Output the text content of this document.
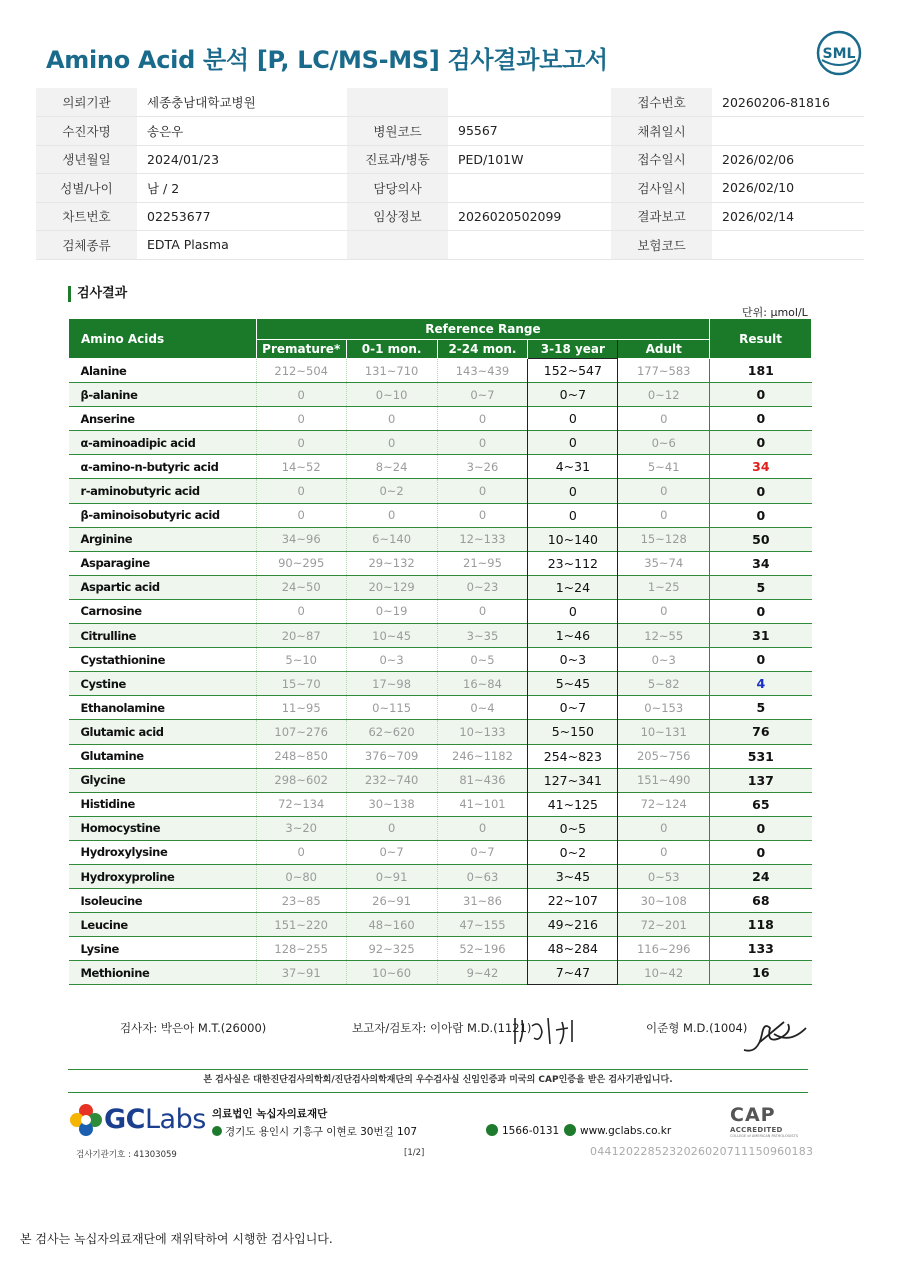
Amino Acid 분석 [P, LC/MS-MS] 검사결과보고서	SML
의뢰기관	세종충남대학교병원			접수번호	20260206-81816
수진자명	송은우	병원코드	95567	채취일시	
생년월일	2024/01/23	진료과/병동	PED/101W	접수일시	2026/02/06
성별/나이	남 / 2	담당의사		검사일시	2026/02/10
차트번호	02253677	임상정보	2026020502099	결과보고	2026/02/14
검체종류	EDTA Plasma			보험코드	
검사결과
단위: μmol/L
Amino Acids	Reference Range					Result
	Premature*	0-1 mon.	2-24 mon.	3-18 year	Adult	
Alanine	212~504	131~710	143~439	152~547	177~583	181
β-alanine	0	0~10	0~7	0~7	0~12	0
Anserine	0	0	0	0	0	0
α-aminoadipic acid	0	0	0	0	0~6	0
α-amino-n-butyric acid	14~52	8~24	3~26	4~31	5~41	34
r-aminobutyric acid	0	0~2	0	0	0	0
β-aminoisobutyric acid	0	0	0	0	0	0
Arginine	34~96	6~140	12~133	10~140	15~128	50
Asparagine	90~295	29~132	21~95	23~112	35~74	34
Aspartic acid	24~50	20~129	0~23	1~24	1~25	5
Carnosine	0	0~19	0	0	0	0
Citrulline	20~87	10~45	3~35	1~46	12~55	31
Cystathionine	5~10	0~3	0~5	0~3	0~3	0
Cystine	15~70	17~98	16~84	5~45	5~82	4
Ethanolamine	11~95	0~115	0~4	0~7	0~153	5
Glutamic acid	107~276	62~620	10~133	5~150	10~131	76
Glutamine	248~850	376~709	246~1182	254~823	205~756	531
Glycine	298~602	232~740	81~436	127~341	151~490	137
Histidine	72~134	30~138	41~101	41~125	72~124	65
Homocystine	3~20	0	0	0~5	0	0
Hydroxylysine	0	0~7	0~7	0~2	0	0
Hydroxyproline	0~80	0~91	0~63	3~45	0~53	24
Isoleucine	23~85	26~91	31~86	22~107	30~108	68
Leucine	151~220	48~160	47~155	49~216	72~201	118
Lysine	128~255	92~325	52~196	48~284	116~296	133
Methionine	37~91	10~60	9~42	7~47	10~42	16
검사자: 박은아 M.T.(26000)	보고자/검토자: 이아람 M.D.(1121)	이준형 M.D.(1004)
본 검사실은 대한진단검사의학회/진단검사의학재단의 우수검사실 신임인증과 미국의 CAP인증을 받은 검사기관입니다.
GCLabs 의료법인 녹십자의료재단
경기도 용인시 기흥구 이현로 30번길 107	1566-0131	www.gclabs.co.kr
CAP
ACCREDITED
COLLEGE of AMERICAN PATHOLOGISTS
검사기관기호 : 41303059	[1/2]	0441202285232026020711150960183
본 검사는 녹십자의료재단에 재위탁하여 시행한 검사입니다.
